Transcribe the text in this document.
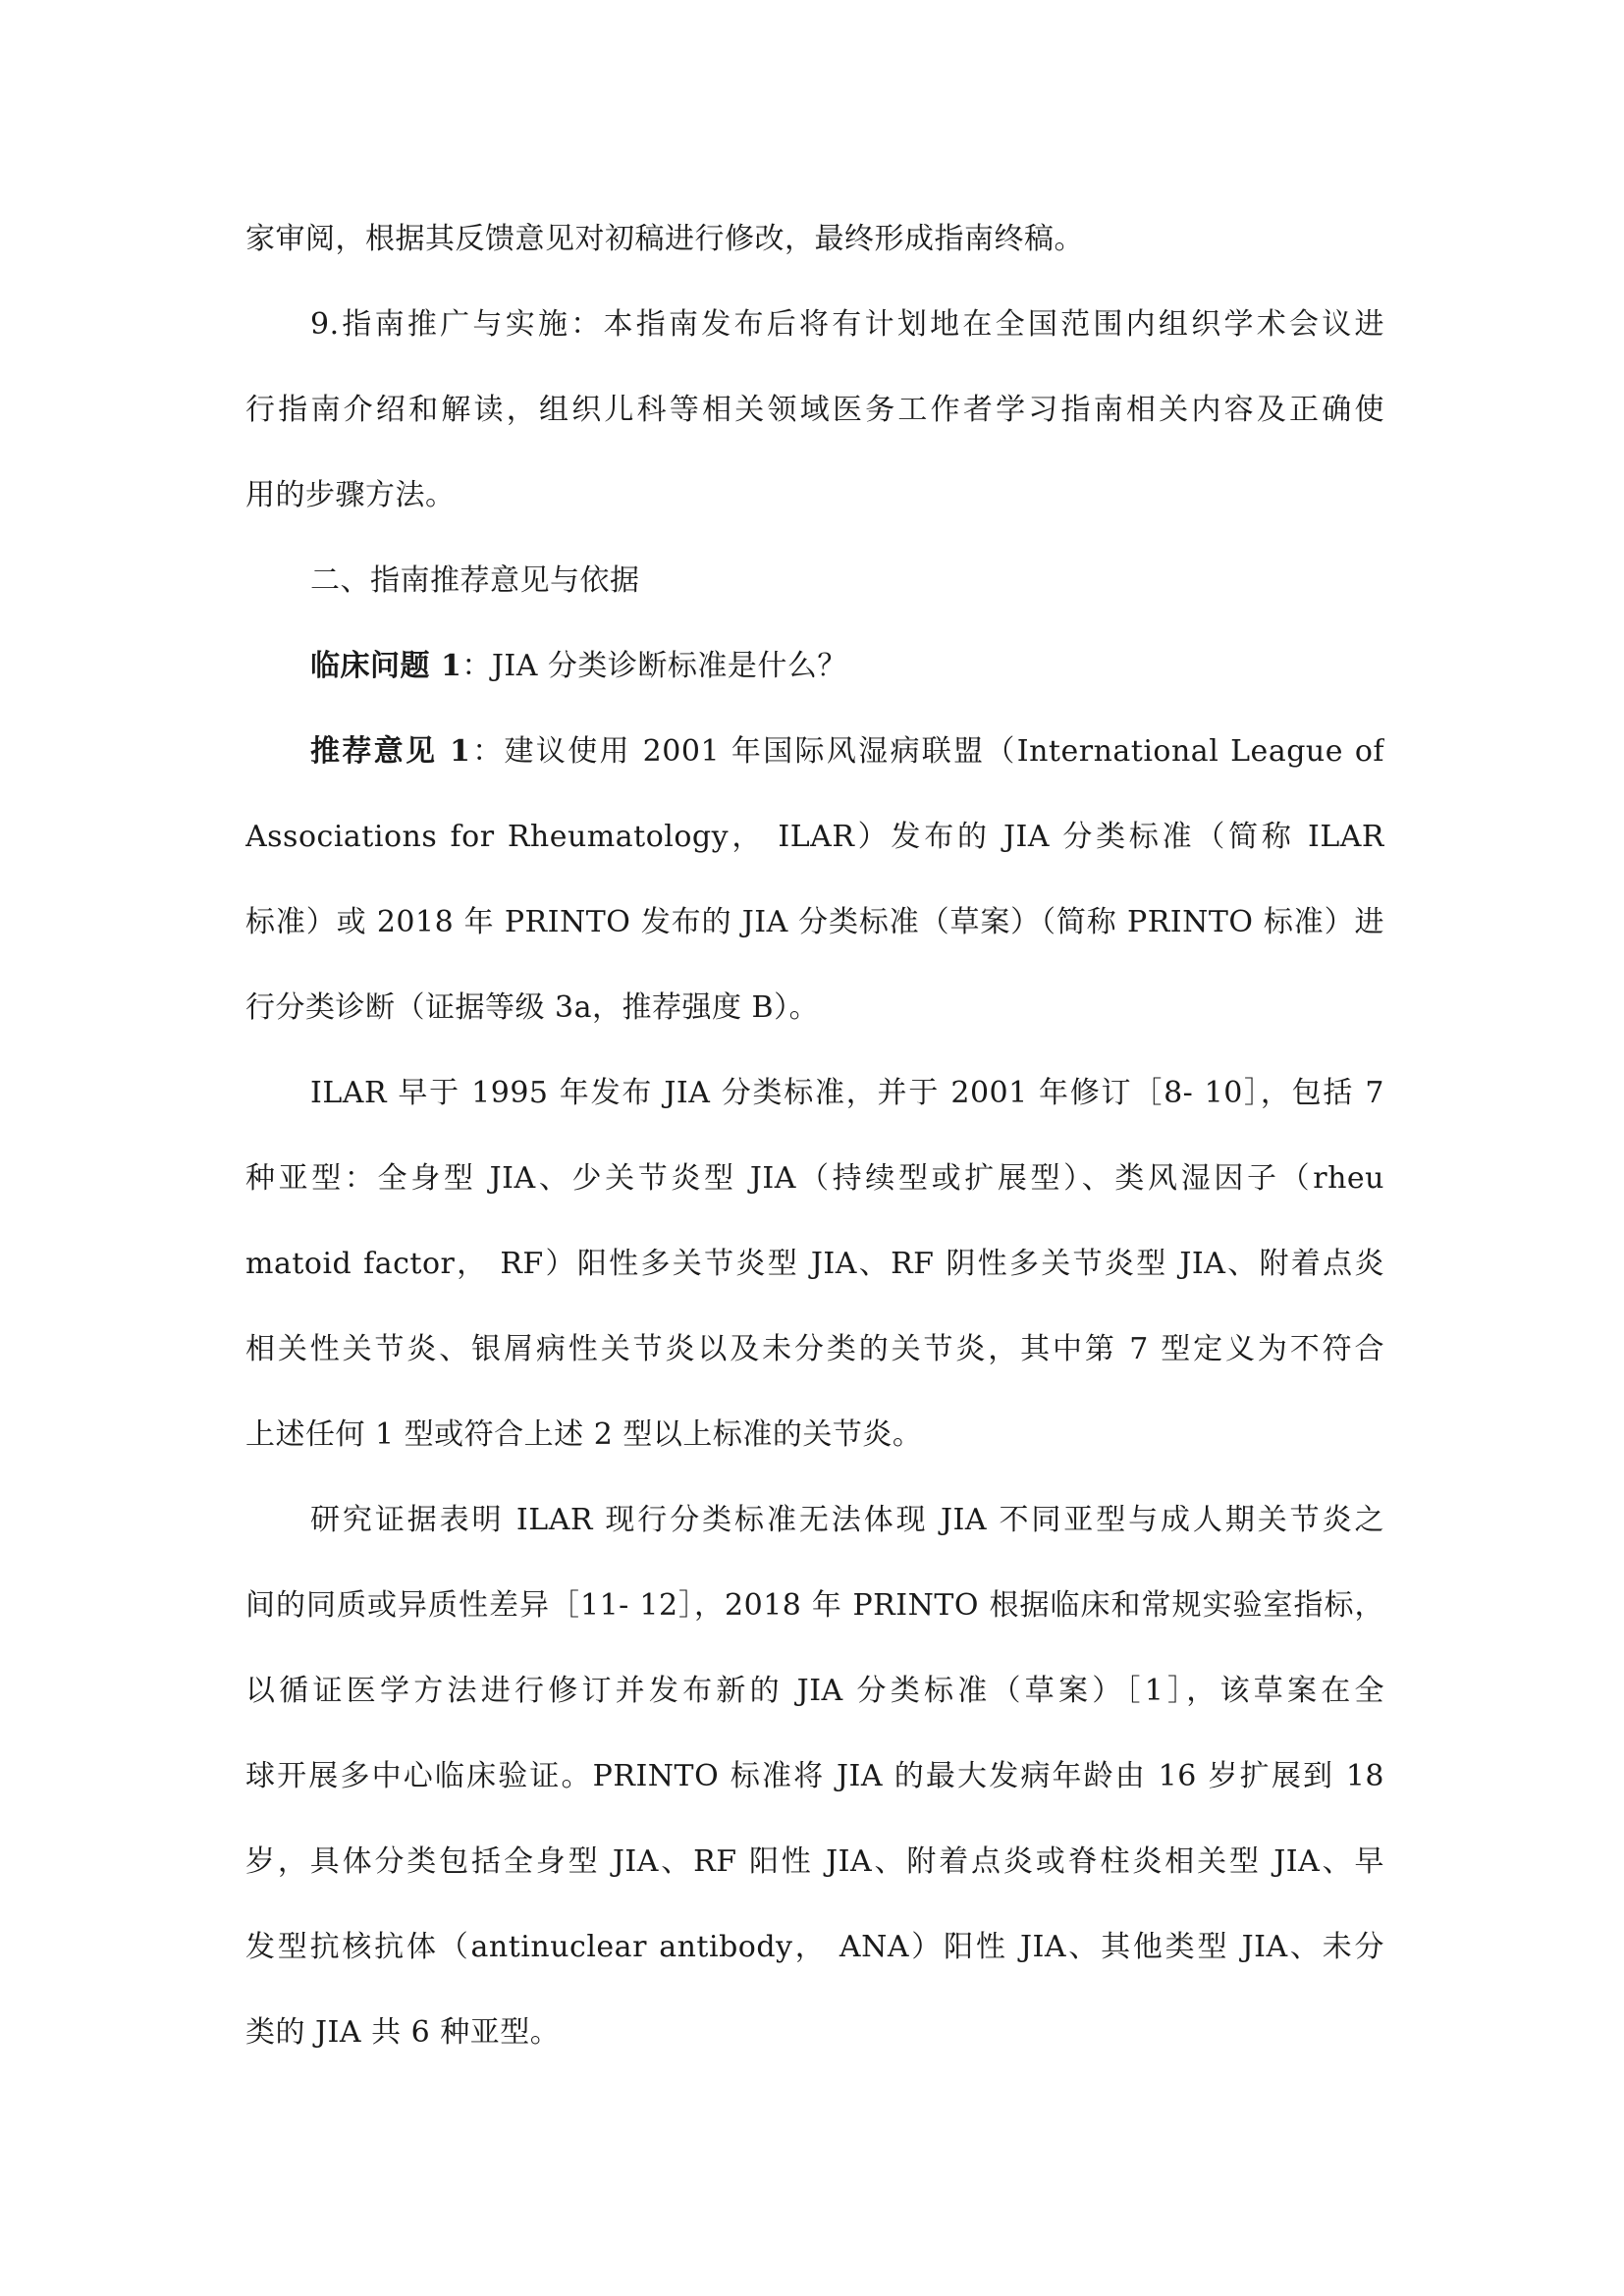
家审阅，根据其反馈意见对初稿进行修改，最终形成指南终稿。
9.指南推广与实施：本指南发布后将有计划地在全国范围内组织学术会议进
行指南介绍和解读，组织儿科等相关领域医务工作者学习指南相关内容及正确使
用的步骤方法。
二、指南推荐意见与依据
临床问题 1：JIA 分类诊断标准是什么？
推荐意见 1：建议使用 2001 年国际风湿病联盟（International League of
Associations for Rheumatology， ILAR）发布的 JIA 分类标准（简称 ILAR
标准）或 2018 年 PRINTO 发布的 JIA 分类标准（草案）（简称 PRINTO 标准）进
行分类诊断（证据等级 3a，推荐强度 B）。
ILAR 早于 1995 年发布 JIA 分类标准，并于 2001 年修订［8- 10］，包括 7
种亚型：全身型 JIA、少关节炎型 JIA（持续型或扩展型）、类风湿因子（rheu
matoid factor， RF）阳性多关节炎型 JIA、RF 阴性多关节炎型 JIA、附着点炎
相关性关节炎、银屑病性关节炎以及未分类的关节炎，其中第 7 型定义为不符合
上述任何 1 型或符合上述 2 型以上标准的关节炎。
研究证据表明 ILAR 现行分类标准无法体现 JIA 不同亚型与成人期关节炎之
间的同质或异质性差异［11- 12］，2018 年 PRINTO 根据临床和常规实验室指标，
以循证医学方法进行修订并发布新的 JIA 分类标准（草案）［1］，该草案在全
球开展多中心临床验证。PRINTO 标准将 JIA 的最大发病年龄由 16 岁扩展到 18
岁，具体分类包括全身型 JIA、RF 阳性 JIA、附着点炎或脊柱炎相关型 JIA、早
发型抗核抗体（antinuclear antibody， ANA）阳性 JIA、其他类型 JIA、未分
类的 JIA 共 6 种亚型。
